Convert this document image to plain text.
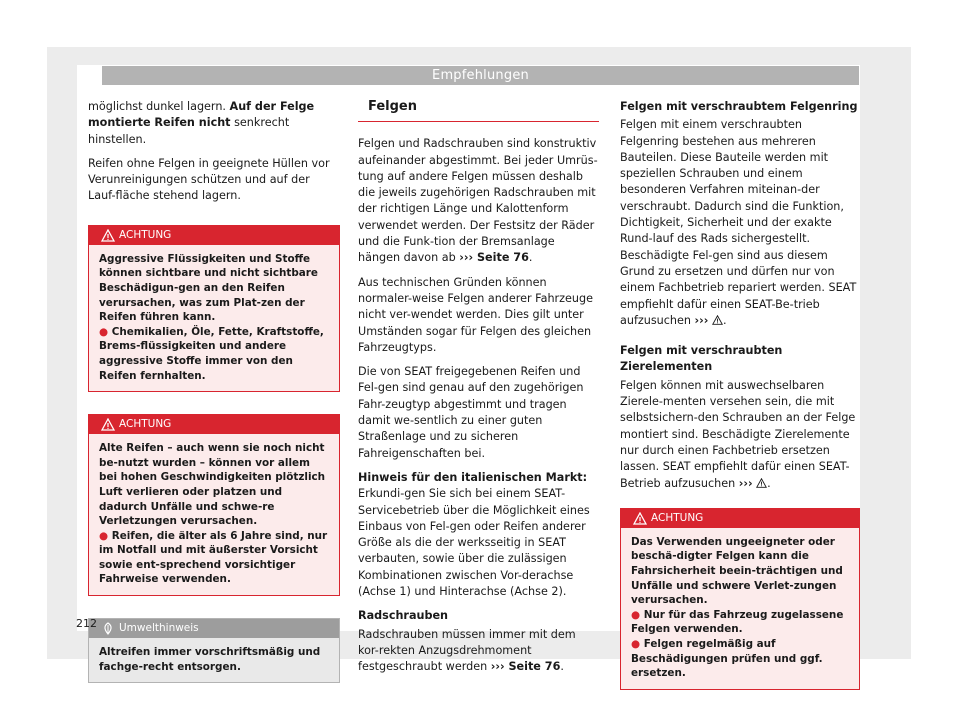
Empfehlungen

möglichst dunkel lagern. Auf der Felge montierte Reifen nicht senkrecht hinstellen.

Reifen ohne Felgen in geeignete Hüllen vor Verunreinigungen schützen und auf der Lauf-fläche stehend lagern.

ACHTUNG
Aggressive Flüssigkeiten und Stoffe können sichtbare und nicht sichtbare Beschädigun-gen an den Reifen verursachen, was zum Plat-zen der Reifen führen kann.
● Chemikalien, Öle, Fette, Kraftstoffe, Brems-flüssigkeiten und andere aggressive Stoffe immer von den Reifen fernhalten.
ACHTUNG
Alte Reifen – auch wenn sie noch nicht be-nutzt wurden – können vor allem bei hohen Geschwindigkeiten plötzlich Luft verlieren oder platzen und dadurch Unfälle und schwe-re Verletzungen verursachen.
● Reifen, die älter als 6 Jahre sind, nur im Notfall und mit äußerster Vorsicht sowie ent-sprechend vorsichtiger Fahrweise verwenden.
Umwelthinweis
Altreifen immer vorschriftsmäßig und fachge-recht entsorgen.
Felgen

Felgen und Radschrauben sind konstruktiv aufeinander abgestimmt. Bei jeder Umrüs-tung auf andere Felgen müssen deshalb die jeweils zugehörigen Radschrauben mit der richtigen Länge und Kalottenform verwendet werden. Der Festsitz der Räder und die Funk-tion der Bremsanlage hängen davon ab ››› Seite 76.

Aus technischen Gründen können normaler-weise Felgen anderer Fahrzeuge nicht ver-wendet werden. Dies gilt unter Umständen sogar für Felgen des gleichen Fahrzeugtyps.

Die von SEAT freigegebenen Reifen und Fel-gen sind genau auf den zugehörigen Fahr-zeugtyp abgestimmt und tragen damit we-sentlich zu einer guten Straßenlage und zu sicheren Fahreigenschaften bei.

Hinweis für den italienischen Markt: Erkundi-gen Sie sich bei einem SEAT-Servicebetrieb über die Möglichkeit eines Einbaus von Fel-gen oder Reifen anderer Größe als die der werksseitig in SEAT verbauten, sowie über die zulässigen Kombinationen zwischen Vor-derachse (Achse 1) und Hinterachse (Achse 2).

Radschrauben

Radschrauben müssen immer mit dem kor-rekten Anzugsdrehmoment festgeschraubt werden ››› Seite 76.

Felgen mit verschraubtem Felgenring

Felgen mit einem verschraubten Felgenring bestehen aus mehreren Bauteilen. Diese Bauteile werden mit speziellen Schrauben und einem besonderen Verfahren miteinan-der verschraubt. Dadurch sind die Funktion, Dichtigkeit, Sicherheit und der exakte Rund-lauf des Rads sichergestellt. Beschädigte Fel-gen sind aus diesem Grund zu ersetzen und dürfen nur von einem Fachbetrieb repariert werden. SEAT empfiehlt dafür einen SEAT-Be-trieb aufzusuchen ››› .

Felgen mit verschraubten Zierelementen

Felgen können mit auswechselbaren Zierele-menten versehen sein, die mit selbstsichern-den Schrauben an der Felge montiert sind. Beschädigte Zierelemente nur durch einen Fachbetrieb ersetzen lassen. SEAT empfiehlt dafür einen SEAT-Betrieb aufzusuchen ››› .

ACHTUNG
Das Verwenden ungeeigneter oder beschä-digter Felgen kann die Fahrsicherheit beein-trächtigen und Unfälle und schwere Verlet-zungen verursachen.
● Nur für das Fahrzeug zugelassene Felgen verwenden.
● Felgen regelmäßig auf Beschädigungen prüfen und ggf. ersetzen.
212
